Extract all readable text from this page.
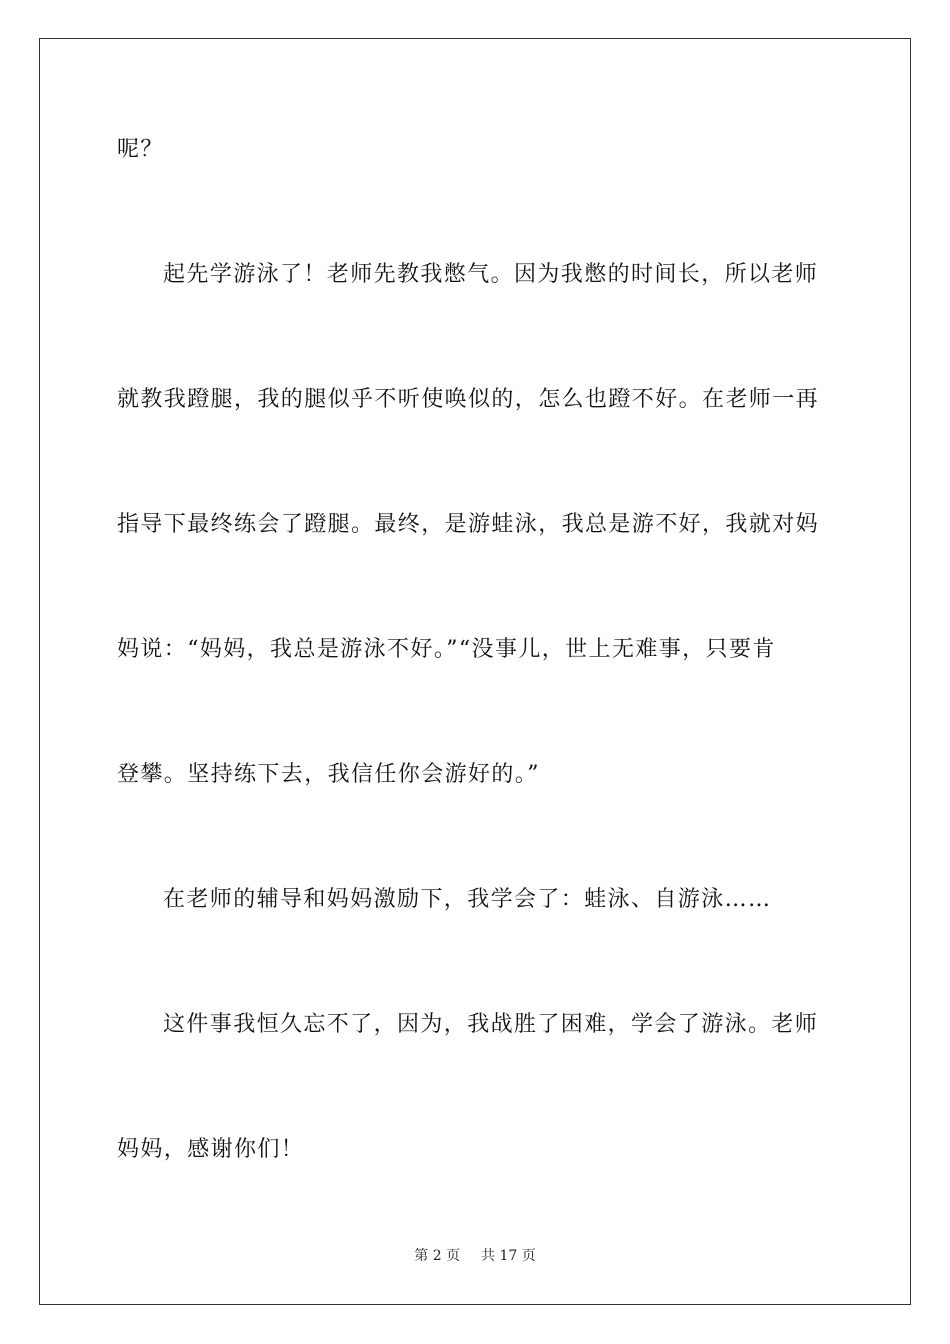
呢？
起先学游泳了！老师先教我憋气。因为我憋的时间长，所以老师
就教我蹬腿，我的腿似乎不听使唤似的，怎么也蹬不好。在老师一再
指导下最终练会了蹬腿。最终，是游蛙泳，我总是游不好，我就对妈
妈说：“妈妈，我总是游泳不好。”“没事儿，世上无难事，只要肯
登攀。坚持练下去，我信任你会游好的。”
在老师的辅导和妈妈激励下，我学会了：蛙泳、自游泳……
这件事我恒久忘不了，因为，我战胜了困难，学会了游泳。老师
妈妈，感谢你们！
第 2 页 共 17 页
